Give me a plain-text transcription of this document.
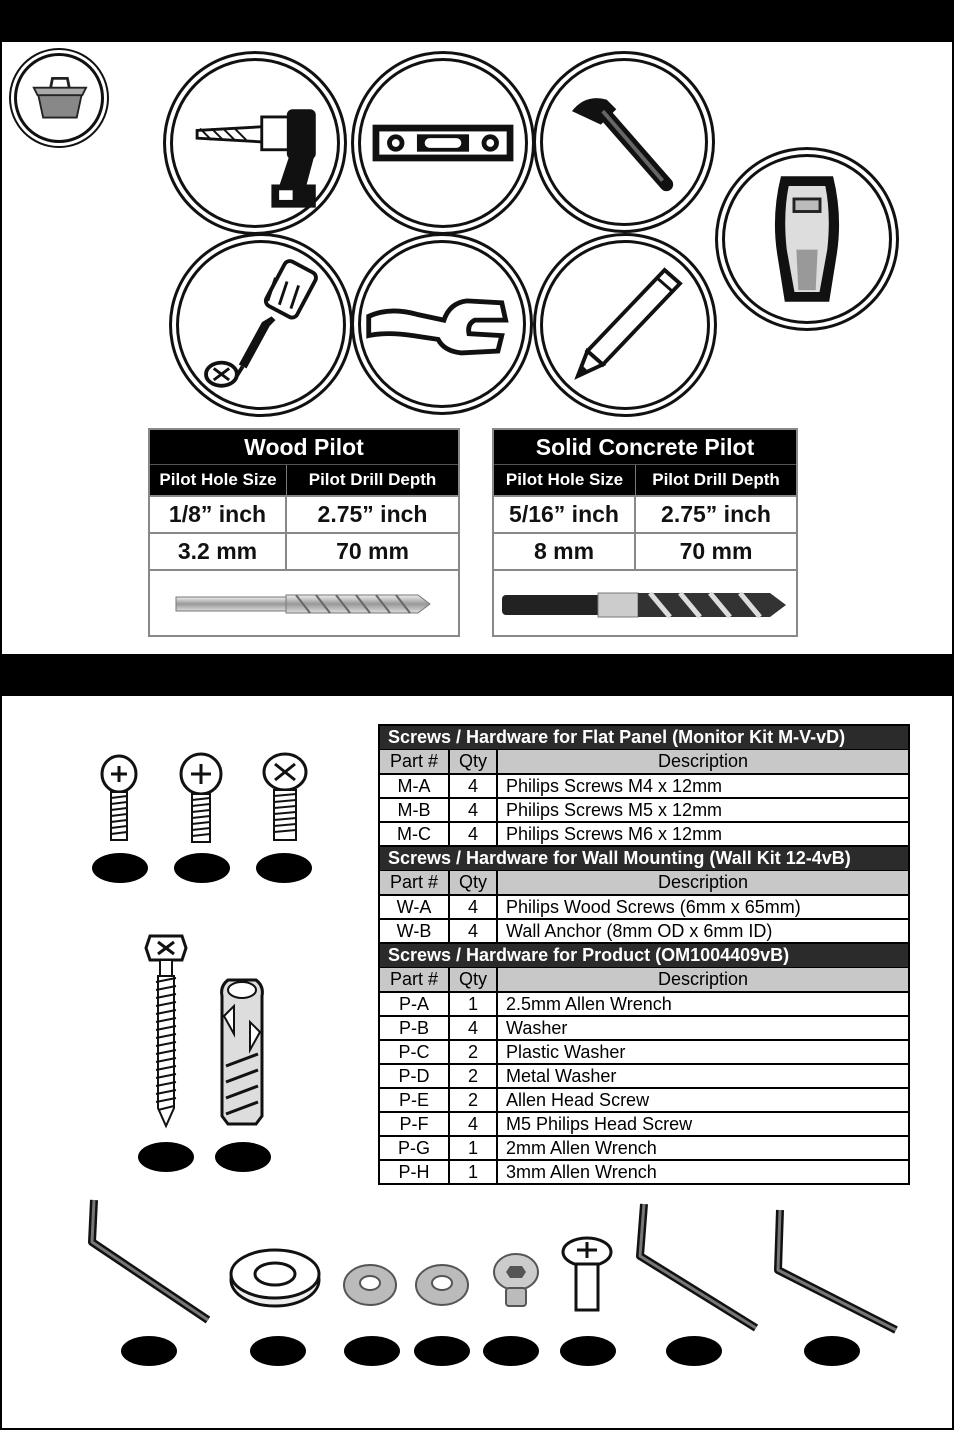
Wood Pilot
Pilot Hole Size	Pilot Drill Depth
1/8” inch	2.75” inch
3.2 mm	70 mm
Solid Concrete Pilot
Pilot Hole Size	Pilot Drill Depth
5/16” inch	2.75” inch
8 mm	70 mm
Screws / Hardware for Flat Panel (Monitor Kit M-V-vD)
Part #	Qty	Description
M-A	4	Philips Screws M4 x 12mm
M-B	4	Philips Screws M5 x 12mm
M-C	4	Philips Screws M6 x 12mm
Screws / Hardware for Wall Mounting (Wall Kit 12-4vB)
Part #	Qty	Description
W-A	4	Philips Wood Screws (6mm x 65mm)
W-B	4	Wall Anchor (8mm OD x 6mm ID)
Screws / Hardware for Product (OM1004409vB)
Part #	Qty	Description
P-A	1	2.5mm Allen Wrench
P-B	4	Washer
P-C	2	Plastic Washer
P-D	2	Metal Washer
P-E	2	Allen Head Screw
P-F	4	M5 Philips Head Screw
P-G	1	2mm Allen Wrench
P-H	1	3mm Allen Wrench
